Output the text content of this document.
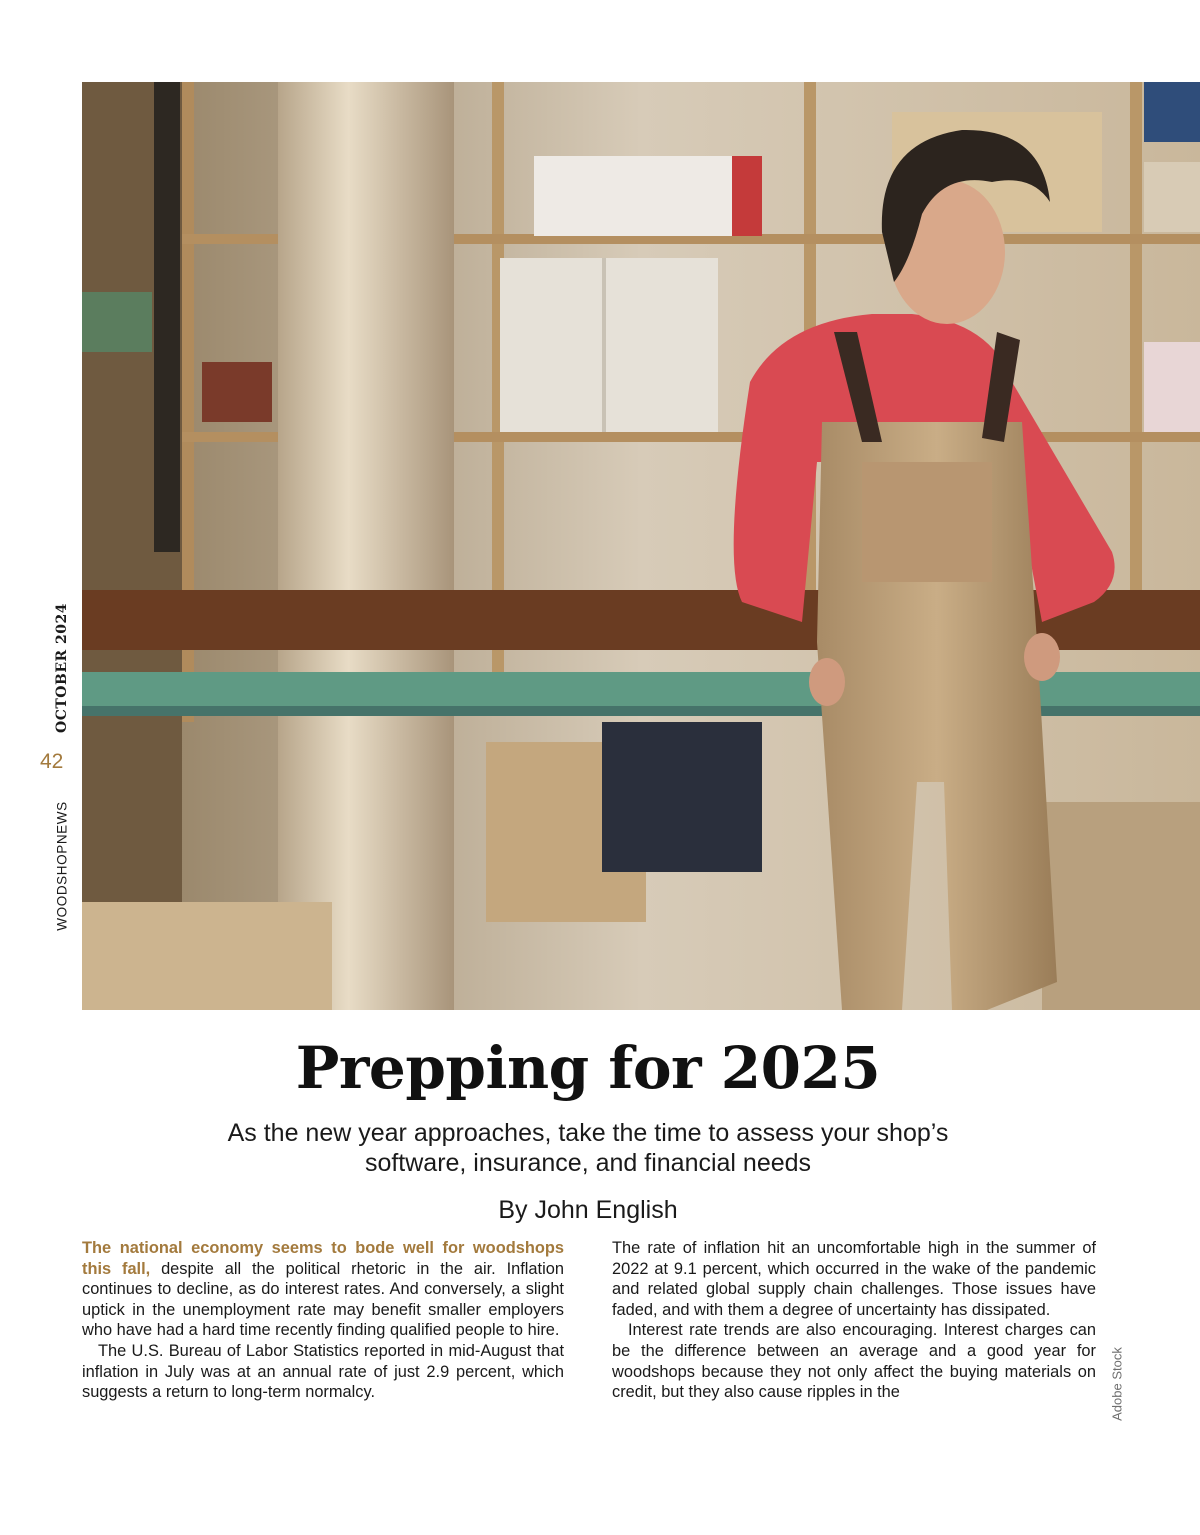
OCTOBER 2024
42
WOODSHOPNEWS
Prepping for 2025

As the new year approaches, take the time to assess your shop’s software, insurance, and financial needs

By John English

The national economy seems to bode well for woodshops this fall, despite all the political rhetoric in the air. Inflation continues to decline, as do interest rates. And conversely, a slight uptick in the unemployment rate may benefit smaller employers who have had a hard time recently finding qualified people to hire.

The U.S. Bureau of Labor Statistics reported in mid-August that inflation in July was at an annual rate of just 2.9 percent, which suggests a return to long-term normalcy.

The rate of inflation hit an uncomfortable high in the summer of 2022 at 9.1 percent, which occurred in the wake of the pandemic and related global supply chain challenges. Those issues have faded, and with them a degree of uncertainty has dissipated.

Interest rate trends are also encouraging. Interest charges can be the difference between an average and a good year for woodshops because they not only affect the buying materials on credit, but they also cause ripples in the	Adobe Stock
